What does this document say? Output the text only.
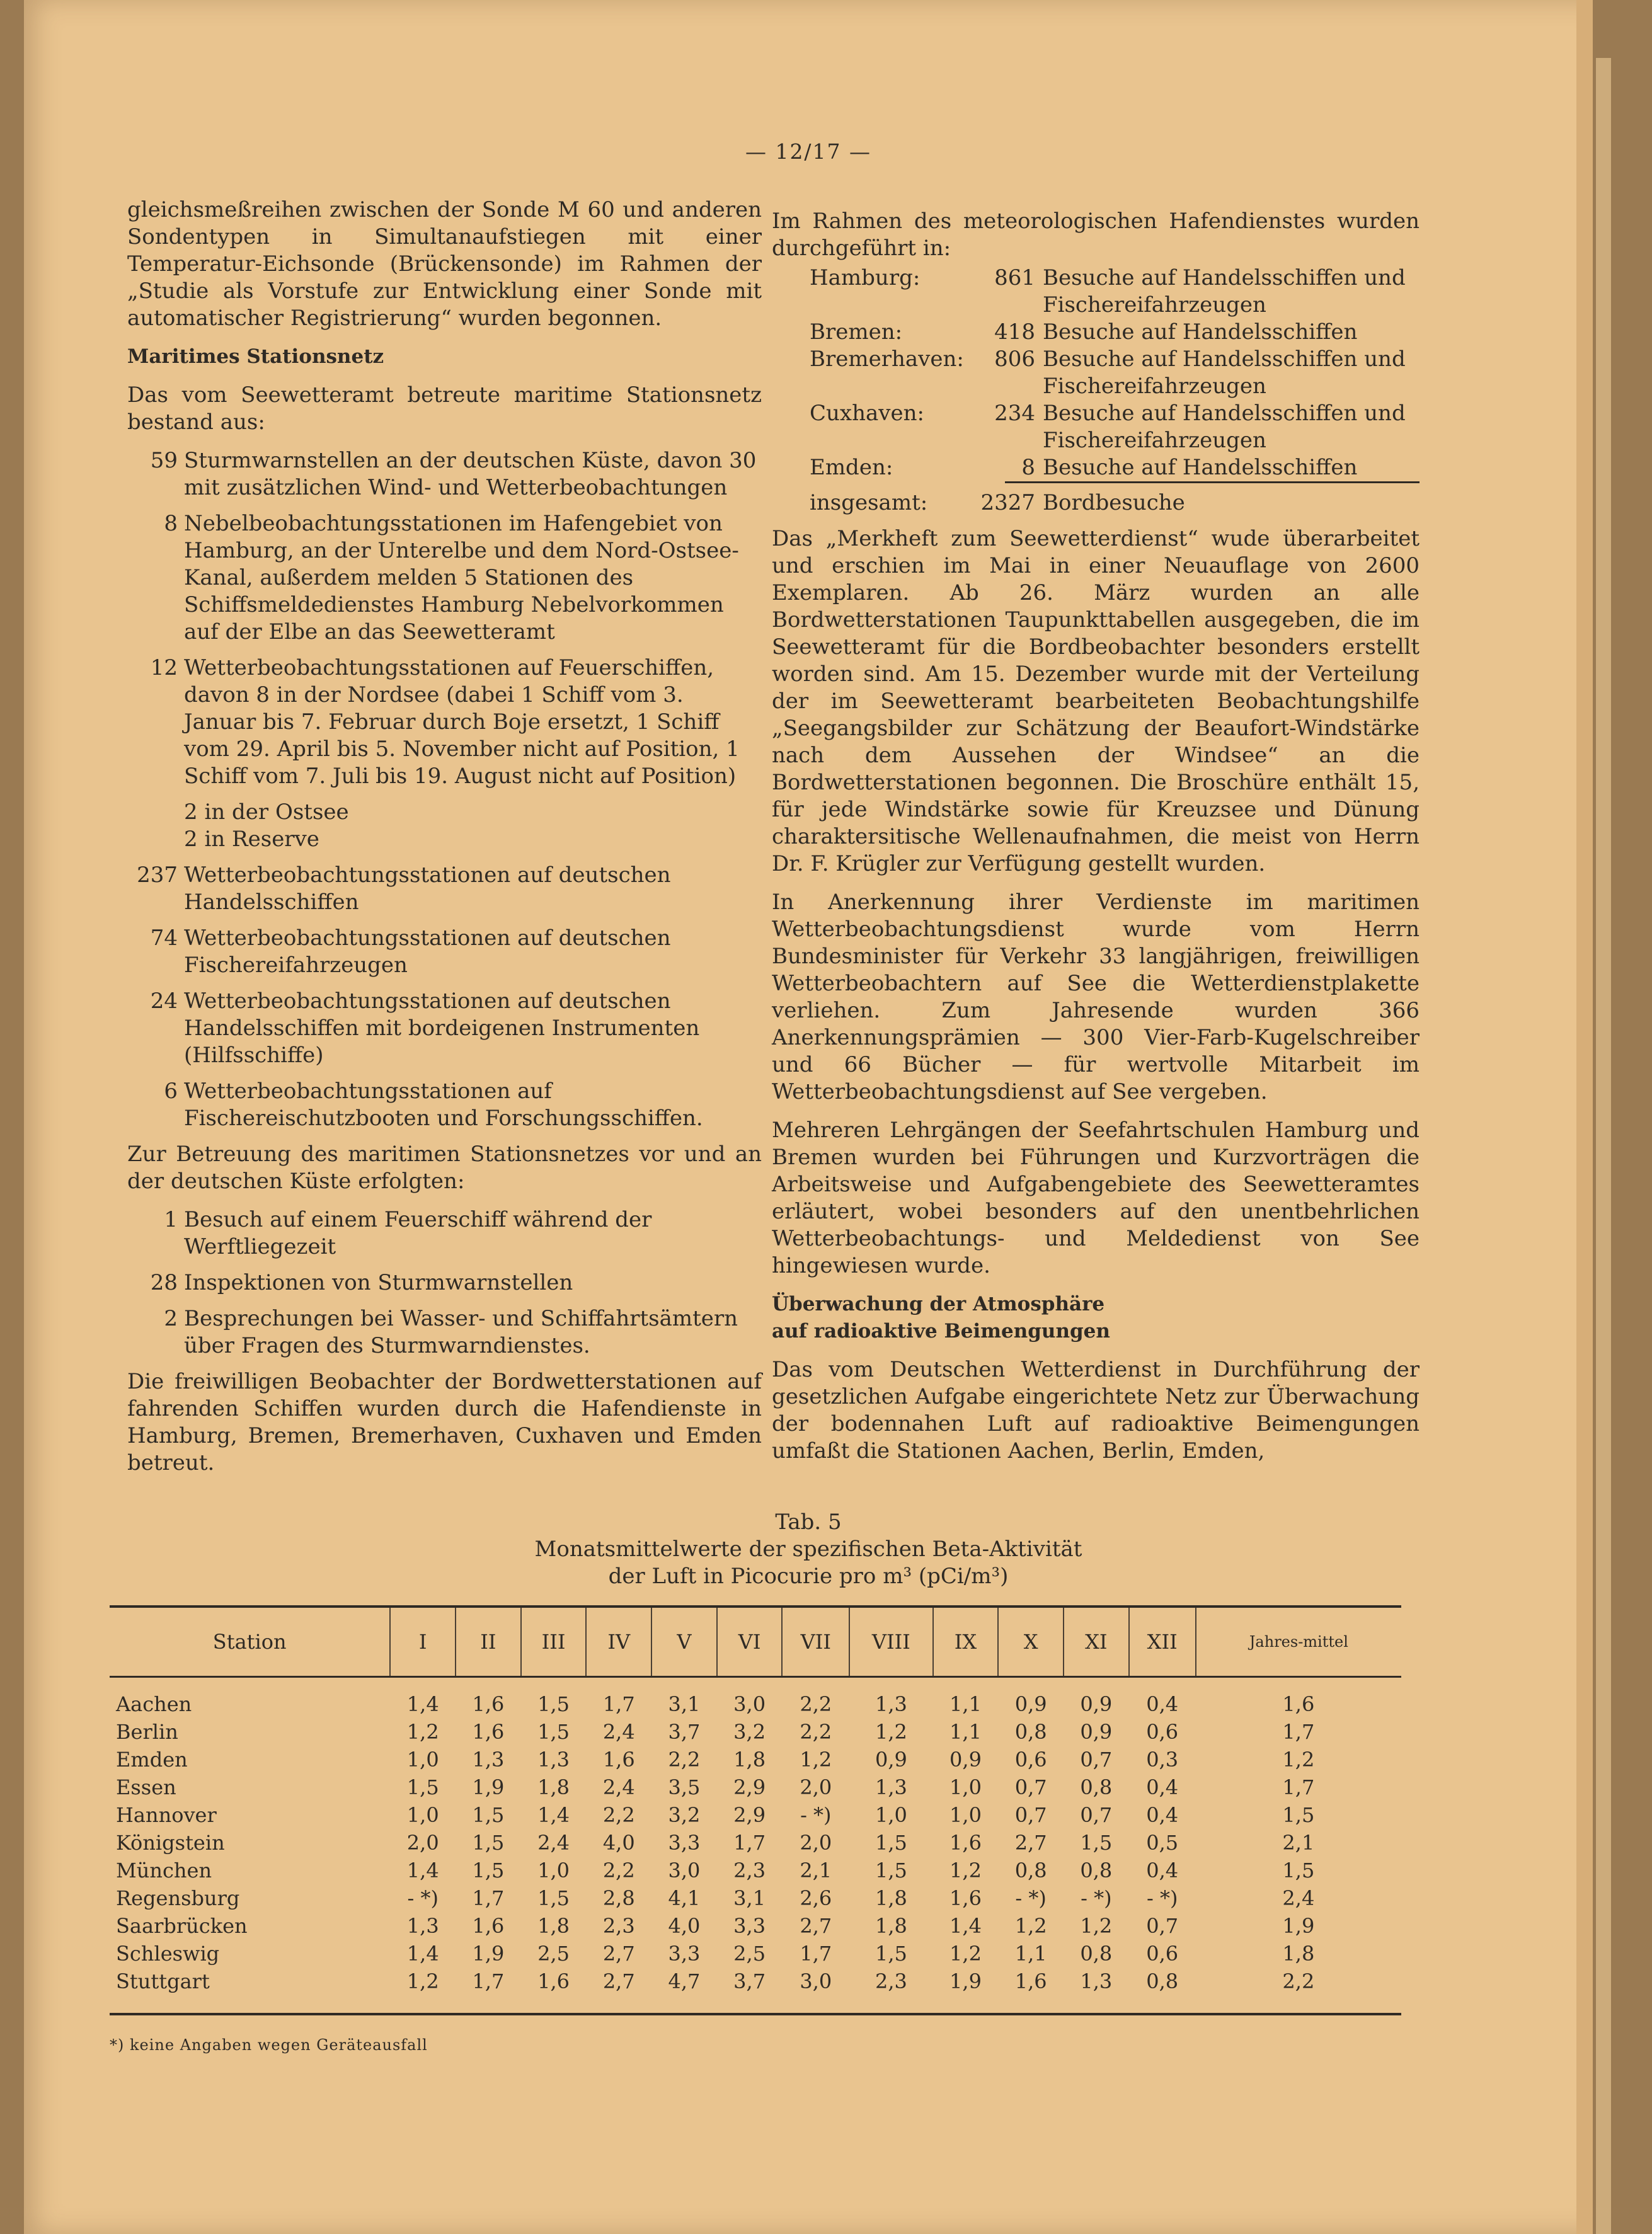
— 12/17 —

gleichsmeßreihen zwischen der Sonde M 60 und anderen Sondentypen in Simultanaufstiegen mit einer Temperatur-Eichsonde (Brückensonde) im Rahmen der „Studie als Vorstufe zur Entwicklung einer Sonde mit automatischer Registrierung“ wurden begonnen.

Maritimes Stationsnetz

Das vom Seewetteramt betreute maritime Stationsnetz bestand aus:

59 Sturmwarnstellen an der deutschen Küste, davon 30 mit zusätzlichen Wind- und Wetterbeobachtungen
8 Nebelbeobachtungsstationen im Hafengebiet von Hamburg, an der Unterelbe und dem Nord-Ostsee-Kanal, außerdem melden 5 Stationen des Schiffsmeldedienstes Hamburg Nebelvorkommen auf der Elbe an das Seewetteramt
12 Wetterbeobachtungsstationen auf Feuerschiffen, davon 8 in der Nordsee (dabei 1 Schiff vom 3. Januar bis 7. Februar durch Boje ersetzt, 1 Schiff vom 29. April bis 5. November nicht auf Position, 1 Schiff vom 7. Juli bis 19. August nicht auf Position)

2 in der Ostsee

2 in Reserve

237 Wetterbeobachtungsstationen auf deutschen Handelsschiffen
74 Wetterbeobachtungsstationen auf deutschen Fischereifahrzeugen
24 Wetterbeobachtungsstationen auf deutschen Handelsschiffen mit bordeigenen Instrumenten (Hilfsschiffe)
6 Wetterbeobachtungsstationen auf Fischereischutzbooten und Forschungsschiffen.

Zur Betreuung des maritimen Stationsnetzes vor und an der deutschen Küste erfolgten:

1 Besuch auf einem Feuerschiff während der Werftliegezeit
28 Inspektionen von Sturmwarnstellen
2 Besprechungen bei Wasser- und Schiffahrtsämtern über Fragen des Sturmwarndienstes.

Die freiwilligen Beobachter der Bordwetterstationen auf fahrenden Schiffen wurden durch die Hafendienste in Hamburg, Bremen, Bremerhaven, Cuxhaven und Emden betreut.

Im Rahmen des meteorologischen Hafendienstes wurden durchgeführt in:

Hamburg:	861 Besuche auf Handelsschiffen und Fischereifahrzeugen
Bremen:	418 Besuche auf Handelsschiffen
Bremerhaven:	806 Besuche auf Handelsschiffen und Fischereifahrzeugen
Cuxhaven:	234 Besuche auf Handelsschiffen und Fischereifahrzeugen
Emden:	8 Besuche auf Handelsschiffen
insgesamt:	2327 Bordbesuche

Das „Merkheft zum Seewetterdienst“ wude überarbeitet und erschien im Mai in einer Neuauflage von 2600 Exemplaren. Ab 26. März wurden an alle Bordwetterstationen Taupunkttabellen ausgegeben, die im Seewetteramt für die Bordbeobachter besonders erstellt worden sind. Am 15. Dezember wurde mit der Verteilung der im Seewetteramt bearbeiteten Beobachtungshilfe „Seegangsbilder zur Schätzung der Beaufort-Windstärke nach dem Aussehen der Windsee“ an die Bordwetterstationen begonnen. Die Broschüre enthält 15, für jede Windstärke sowie für Kreuzsee und Dünung charaktersitische Wellenaufnahmen, die meist von Herrn Dr. F. Krügler zur Verfügung gestellt wurden.

In Anerkennung ihrer Verdienste im maritimen Wetterbeobachtungsdienst wurde vom Herrn Bundesminister für Verkehr 33 langjährigen, freiwilligen Wetterbeobachtern auf See die Wetterdienstplakette verliehen. Zum Jahresende wurden 366 Anerkennungsprämien — 300 Vier-Farb-Kugelschreiber und 66 Bücher — für wertvolle Mitarbeit im Wetterbeobachtungsdienst auf See vergeben.

Mehreren Lehrgängen der Seefahrtschulen Hamburg und Bremen wurden bei Führungen und Kurzvorträgen die Arbeitsweise und Aufgabengebiete des Seewetteramtes erläutert, wobei besonders auf den unentbehrlichen Wetterbeobachtungs- und Meldedienst von See hingewiesen wurde.

Überwachung der Atmosphäre

auf radioaktive Beimengungen

Das vom Deutschen Wetterdienst in Durchführung der gesetzlichen Aufgabe eingerichtete Netz zur Überwachung der bodennahen Luft auf radioaktive Beimengungen umfaßt die Stationen Aachen, Berlin, Emden,

Tab. 5
Monatsmittelwerte der spezifischen Beta-Aktivität
der Luft in Picocurie pro m³ (pCi/m³)
Station	I	II	III	IV	V	VI	VII	VIII	IX	X	XI	XII	Jahres-mittel
Aachen	1,4	1,6	1,5	1,7	3,1	3,0	2,2	1,3	1,1	0,9	0,9	0,4	1,6
Berlin	1,2	1,6	1,5	2,4	3,7	3,2	2,2	1,2	1,1	0,8	0,9	0,6	1,7
Emden	1,0	1,3	1,3	1,6	2,2	1,8	1,2	0,9	0,9	0,6	0,7	0,3	1,2
Essen	1,5	1,9	1,8	2,4	3,5	2,9	2,0	1,3	1,0	0,7	0,8	0,4	1,7
Hannover	1,0	1,5	1,4	2,2	3,2	2,9	- *)	1,0	1,0	0,7	0,7	0,4	1,5
Königstein	2,0	1,5	2,4	4,0	3,3	1,7	2,0	1,5	1,6	2,7	1,5	0,5	2,1
München	1,4	1,5	1,0	2,2	3,0	2,3	2,1	1,5	1,2	0,8	0,8	0,4	1,5
Regensburg	- *)	1,7	1,5	2,8	4,1	3,1	2,6	1,8	1,6	- *)	- *)	- *)	2,4
Saarbrücken	1,3	1,6	1,8	2,3	4,0	3,3	2,7	1,8	1,4	1,2	1,2	0,7	1,9
Schleswig	1,4	1,9	2,5	2,7	3,3	2,5	1,7	1,5	1,2	1,1	0,8	0,6	1,8
Stuttgart	1,2	1,7	1,6	2,7	4,7	3,7	3,0	2,3	1,9	1,6	1,3	0,8	2,2
*) keine Angaben wegen Geräteausfall
